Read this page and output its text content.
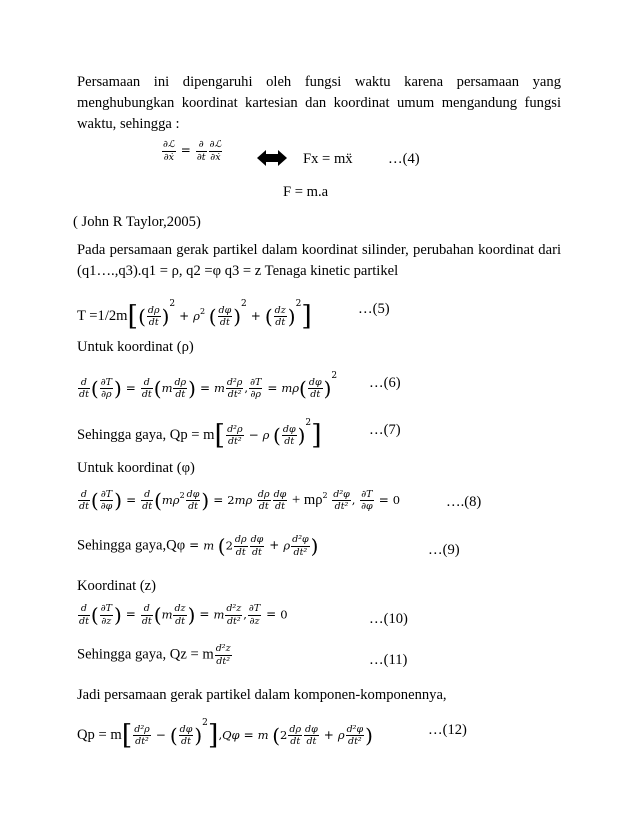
Persamaan ini dipengaruhi oleh fungsi waktu karena persamaan yang menghubungkan koordinat kartesian dan koordinat umum mengandung fungsi waktu, sehingga :
$\frac{\text{∂ℒ}}{\text{∂ẋ}} = \frac{\partial}{\partial t} \frac{\text{∂ℒ}}{\text{∂ẋ}}$	Fx = mẍ …(4)
F = m.a
( John R Taylor,2005)
Pada persamaan gerak partikel dalam koordinat silinder, perubahan koordinat dari (q1….,q3).q1 = ρ, q2 =φ q3 = z Tenaga kinetic partikel
$T =1/2m[( \frac{d\rho}{dt} )^2+ \rho^2$ ( $\frac{d\varphi}{dt} )^2+$ ( $\frac{dz}{dt} )^2$]	…(5)
Untuk koordinat (ρ)
$\frac{d}{dt}$ ( $\frac{\partial T}{\partial\rho}$ ) = $\frac{d}{dt} (m \frac{d\rho}{dt}$ ) = m $\frac{\text{d²ρ}}{\text{dt²}}$ , $\frac{\partial T}{\partial\rho} = m\rho( \frac{d\varphi}{dt} )^2$ …(6)
Sehingga gaya, $Qp = m[ \frac{\text{d²ρ}}{\text{dt²}} - \rho$ ( $\frac{d\varphi}{dt} )^2$]	…(7)
Untuk koordinat (φ)
$\frac{d}{dt}$ ( $\frac{\partial T}{\partial\varphi}$ ) = $\frac{d}{dt} (m\rho^2 \frac{d\varphi}{dt}$ ) = $2m\rho \frac{d\rho}{dt} \frac{d\varphi}{dt} + m\rho^2 \frac{\text{d²φ}}{\text{dt²}}$ , $\frac{\partial T}{\partial\varphi} = 0$	….(8)
Sehingga gaya,Qφ = m ($2 \frac{d\rho}{dt} \frac{d\varphi}{dt} + \rho \frac{\text{d²φ}}{\text{dt²}}$ )	…(9)
Koordinat (z)
$\frac{d}{dt}$ ( $\frac{\partial T}{\partial z}$ ) = $\frac{d}{dt} (m \frac{dz}{dt}$ ) = m $\frac{\text{d²z}}{\text{dt²}}$ , $\frac{\partial T}{\partial z} = 0$	…(10)
Sehingga gaya, Qz = m $\frac{\text{d²z}}{\text{dt²}}$	…(11)
Jadi persamaan gerak partikel dalam komponen-komponennya,
$Qp = m[ \frac{\text{d²ρ}}{\text{dt²}}$ − ( $\frac{d\varphi}{dt} )^2],Q\varphi = m$ ($2 \frac{d\rho}{dt} \frac{d\varphi}{dt} + \rho \frac{\text{d²φ}}{\text{dt²}}$ )	…(12)
